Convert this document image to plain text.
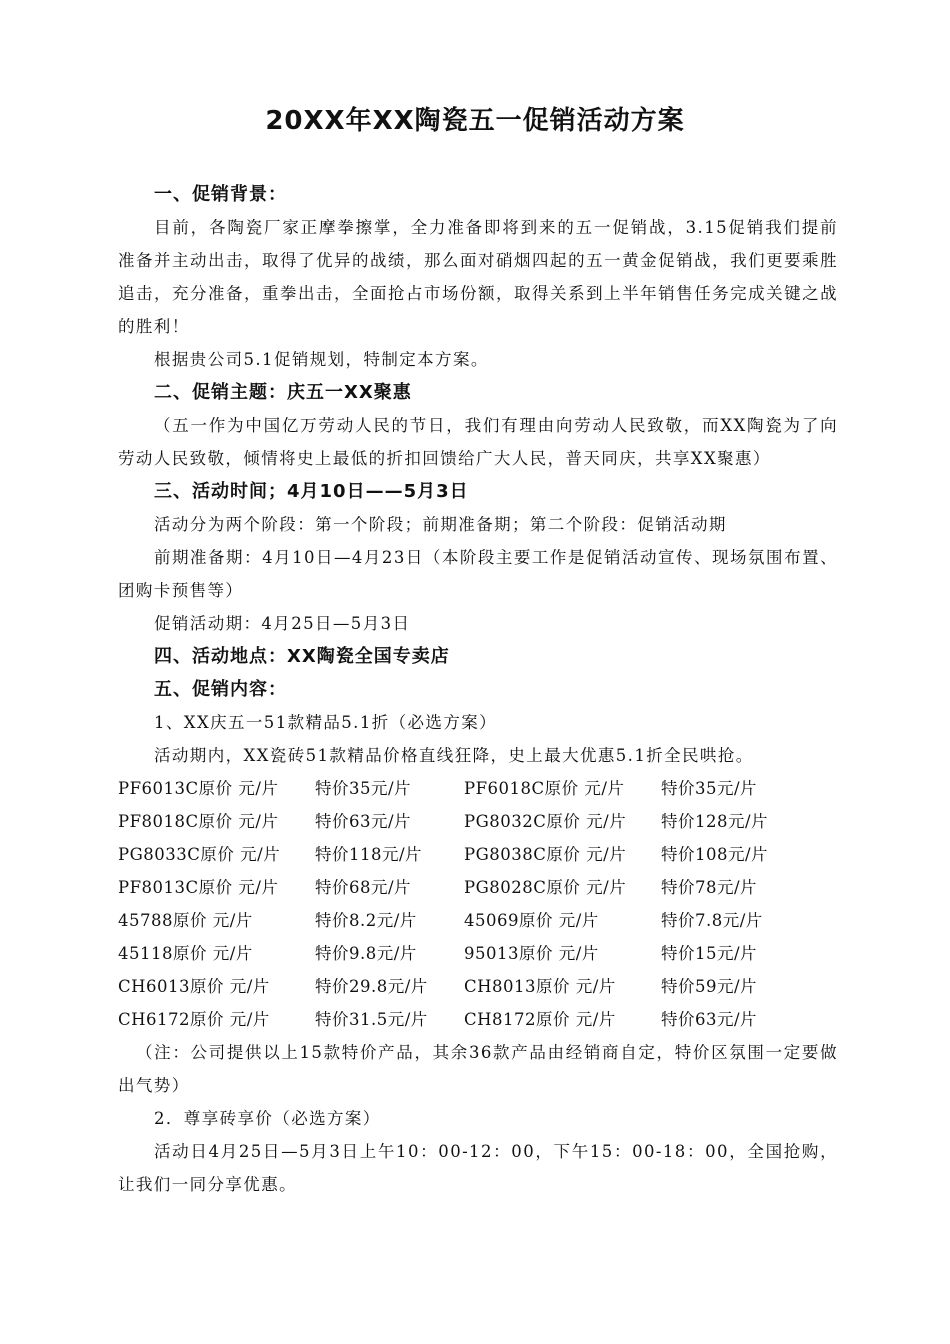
20XX年XX陶瓷五一促销活动方案
一、促销背景：
目前，各陶瓷厂家正摩拳擦掌，全力准备即将到来的五一促销战，3.15促销我们提前准备并主动出击，取得了优异的战绩，那么面对硝烟四起的五一黄金促销战，我们更要乘胜追击，充分准备，重拳出击，全面抢占市场份额，取得关系到上半年销售任务完成关键之战的胜利！
根据贵公司5.1促销规划，特制定本方案。
二、促销主题：庆五一XX聚惠
（五一作为中国亿万劳动人民的节日，我们有理由向劳动人民致敬，而XX陶瓷为了向劳动人民致敬，倾情将史上最低的折扣回馈给广大人民，普天同庆，共享XX聚惠）
三、活动时间；4月10日——5月3日
活动分为两个阶段：第一个阶段；前期准备期；第二个阶段：促销活动期
前期准备期：4月10日—4月23日（本阶段主要工作是促销活动宣传、现场氛围布置、团购卡预售等）
促销活动期：4月25日—5月3日
四、活动地点：XX陶瓷全国专卖店
五、促销内容：
1、XX庆五一51款精品5.1折（必选方案）
活动期内，XX瓷砖51款精品价格直线狂降，史上最大优惠5.1折全民哄抢。
PF6013C原价 元/片 特价35元/片	PF6018C原价 元/片 特价35元/片
PF8018C原价 元/片 特价63元/片	PG8032C原价 元/片 特价128元/片
PG8033C原价 元/片 特价118元/片	PG8038C原价 元/片 特价108元/片
PF8013C原价 元/片 特价68元/片	PG8028C原价 元/片 特价78元/片
45788原价 元/片	特价8.2元/片	45069原价 元/片	特价7.8元/片
45118原价 元/片	特价9.8元/片	95013原价 元/片	特价15元/片
CH6013原价 元/片	特价29.8元/片 CH8013原价 元/片	特价59元/片
CH6172原价 元/片	特价31.5元/片 CH8172原价 元/片	特价63元/片
（注：公司提供以上15款特价产品，其余36款产品由经销商自定，特价区氛围一定要做出气势）
2．尊享砖享价（必选方案）
活动日4月25日—5月3日上午10：00-12：00，下午15：00-18：00，全国抢购，让我们一同分享优惠。
